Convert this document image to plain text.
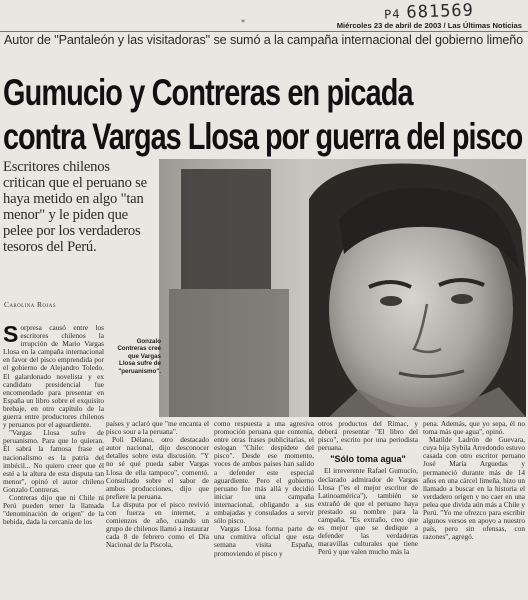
P4 681569
*	Miércoles 23 de abril de 2003 / Las Últimas Noticias
Autor de "Pantaleón y las visitadoras" se sumó a la campaña internacional del gobierno limeño
Gumucio y Contreras en picada
contra Vargas Llosa por guerra del pisco
Escritores chilenos critican que el peruano se haya metido en algo "tan menor" y le piden que pelee por los verdaderos tesoros del Perú.
Carolina Rojas
Gonzalo Contreras cree que Vargas Llosa sufre de "peruanismo".

Sorpresa causó entre los escritores chilenos la irrupción de Mario Vargas Llosa en la campaña internacional en favor del pisco emprendida por el gobierno de Alejandro Toledo. El galardonado novelista y ex candidato presidencial fue encomendado para presentar en España un libro sobre el exquisito brebaje, en otro capítulo de la guerra entre productores chilenos y peruanos por el aguardiente.

"Vargas Llosa sufre de peruanismo. Para que lo quieran. Él sabrá la famosa frase el nacionalismo es la patria del imbécil... No quiero creer que él esté a la altura de esta disputa tan menor", opinó el autor chileno Gonzalo Contreras.

Contreras dijo que ni Chile ni Perú pueden tener la llamada "denominación de origen" de la bebida, dada la cercanía de los

países y aclaró que "me encanta el pisco sour a la peruana".

Poli Délano, otro destacado autor nacional, dijo desconocer detalles sobre esta discusión. "Y no sé qué pueda saber Vargas Llosa de ella tampoco", comentó. Consultado sobre el sabor de ambos producciones, dijo que prefiere la peruana.

La disputa por el pisco revivió con fuerza en internet, a comienzos de año, cuando un grupo de chilenos llamó a instaurar cada 8 de febrero como el Día Nacional de la Piscola,

como respuesta a una agresiva promoción peruana que contenía, entre otras frases publicitarias, el eslogan "Chile: despídete del pisco". Desde ese momento, voces de ambos países han salido a defender este especial aguardiente. Pero el gobierno peruano fue más allá y decidió iniciar una campaña internacional, obligando a sus embajadas y consulados a servir sólo pisco.

Vargas Llosa forma parte de una comitiva oficial que esta semana visita España, promoviendo el pisco y

otros productos del Rímac, y deberá presentar "El libro del pisco", escrito por una periodista peruana.

"Sólo toma agua"

El irreverente Rafael Gumucio, declarado admirador de Vargas Llosa ("es el mejor escritor de Latinoamérica"), también se extrañó de que el peruano haya prestado su nombre para la campaña. "Es extraño, creo que es mejor que se dedique a defender las verdaderas maravillas culturales que tiene Perú y que valen mucho más la

pena. Además, que yo sepa, él no toma más que agua", opinó.

Matilde Ladrón de Guevara, cuya hija Sybila Arredondo estuvo casada con otro escritor peruano José María Arguedas y permaneció durante más de 14 años en una cárcel limeña, hizo un llamado a buscar en la historia el verdadero origen y no caer en una pelea que divida aún más a Chile y Perú. "Yo me ofrezco para escribir algunos versos en apoyo a nuestro país, pero sin ofensas, con razones", agregó.
